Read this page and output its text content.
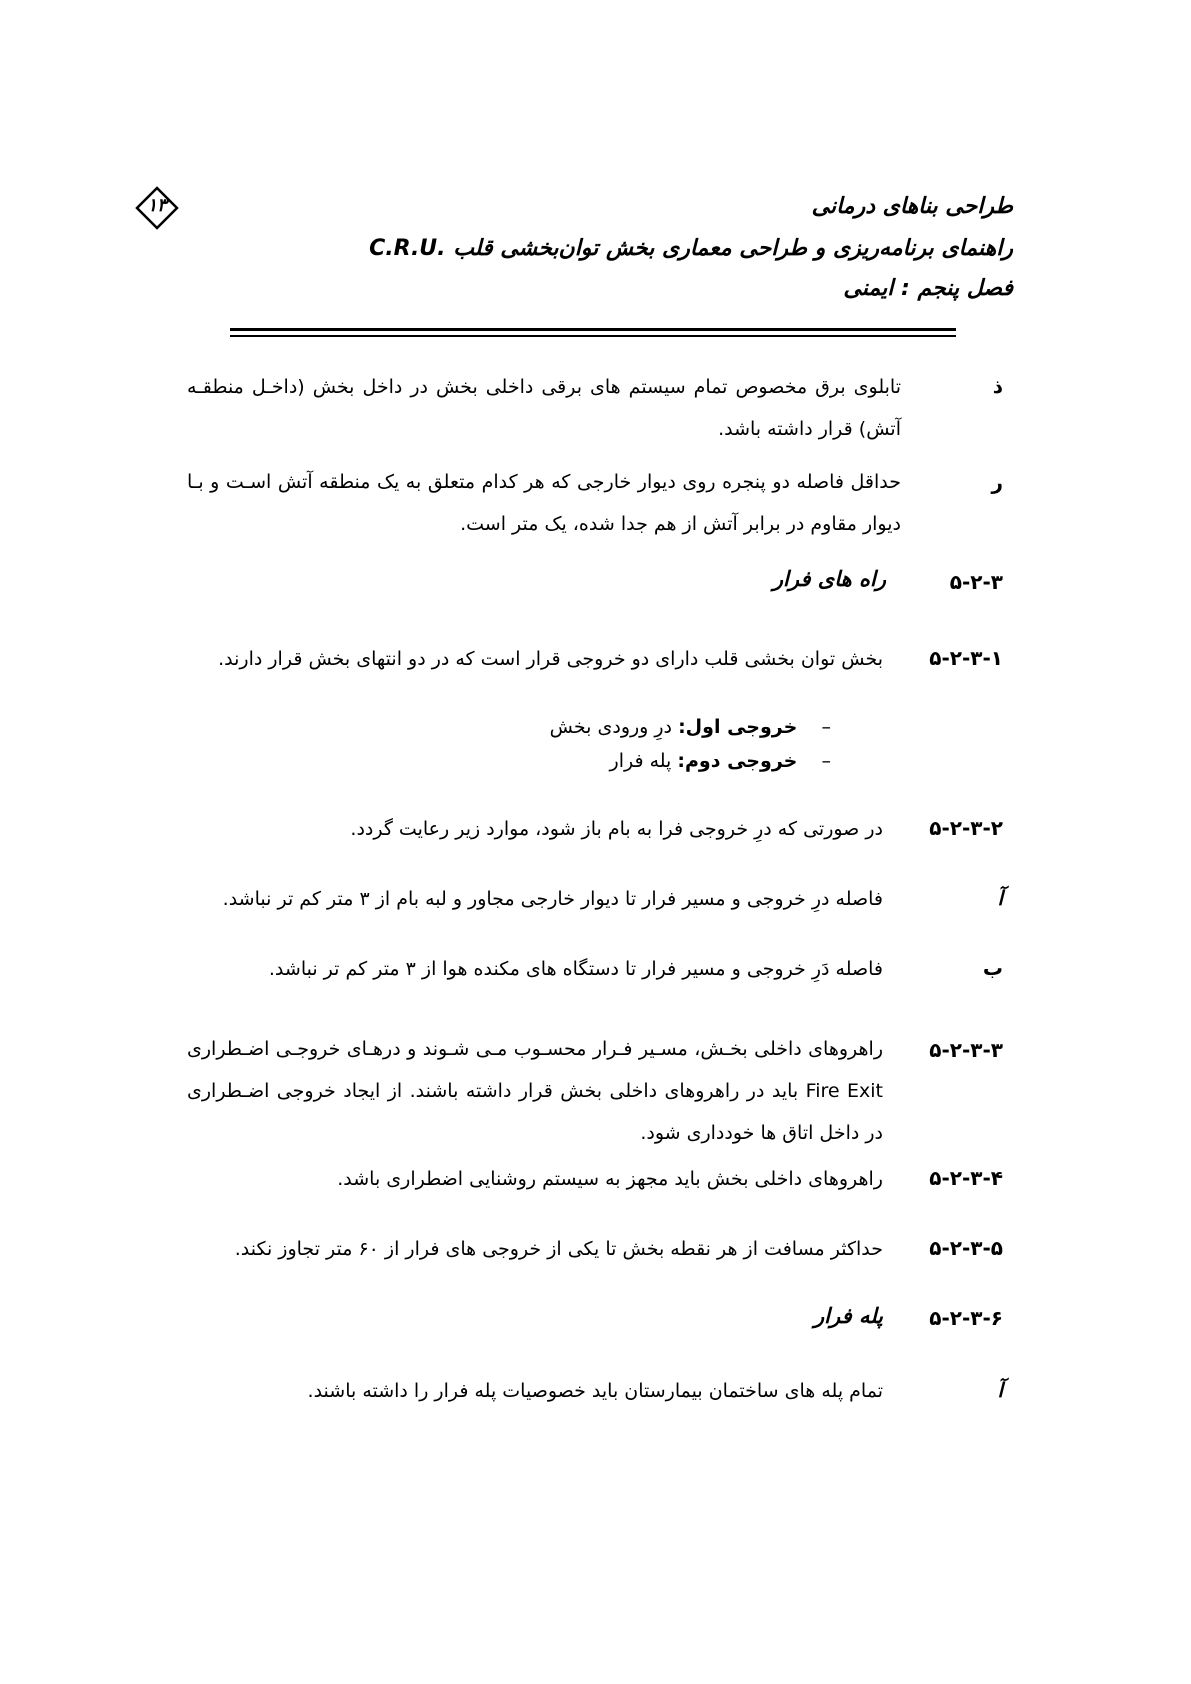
طراحی بناهای درمانی
۱۳
راهنمای برنامه‌ریزی و طراحی معماری بخش توان‌بخشی قلب .C.R.U
فصل پنجم : ایمنی
ذ
تابلوی برق مخصوص تمام سیستم های برقی داخلی بخش در داخل بخش (داخـل منطقـه آتش) قرار داشته باشد.
ر
حداقل فاصله دو پنجره روی دیوار خارجی که هر کدام متعلق به یک منطقه آتش اسـت و بـا دیوار مقاوم در برابر آتش از هم جدا شده، یک متر است.
۵-۲-۳
راه های فرار
۵-۲-۳-۱
بخش توان بخشی قلب دارای دو خروجی قرار است که در دو انتهای بخش قرار دارند.
–    خروجی اول: درِ ورودی بخش
–    خروجی دوم: پله فرار
۵-۲-۳-۲
در صورتی که درِ خروجی فرا به بام باز شود، موارد زیر رعایت گردد.
آ
فاصله درِ خروجی و مسیر فرار تا دیوار خارجی مجاور و لبه بام از ۳ متر کم تر نباشد.
ب
فاصله دَرِ خروجی و مسیر فرار تا دستگاه های مکنده هوا از ۳ متر کم تر نباشد.
۵-۲-۳-۳
راهروهای داخلی بخـش، مسـیر فـرار محسـوب مـی شـوند و درهـای خروجـی اضـطراری Fire Exit باید در راهروهای داخلی بخش قرار داشته باشند. از ایجاد خروجی اضـطراری در داخل اتاق ها خودداری شود.
۵-۲-۳-۴
راهروهای داخلی بخش باید مجهز به سیستم روشنایی اضطراری باشد.
۵-۲-۳-۵
حداکثر مسافت از هر نقطه بخش تا یکی از خروجی های فرار از ۶۰ متر تجاوز نکند.
۵-۲-۳-۶
پله فرار
آ
تمام پله های ساختمان بیمارستان باید خصوصیات پله فرار را داشته باشند.
